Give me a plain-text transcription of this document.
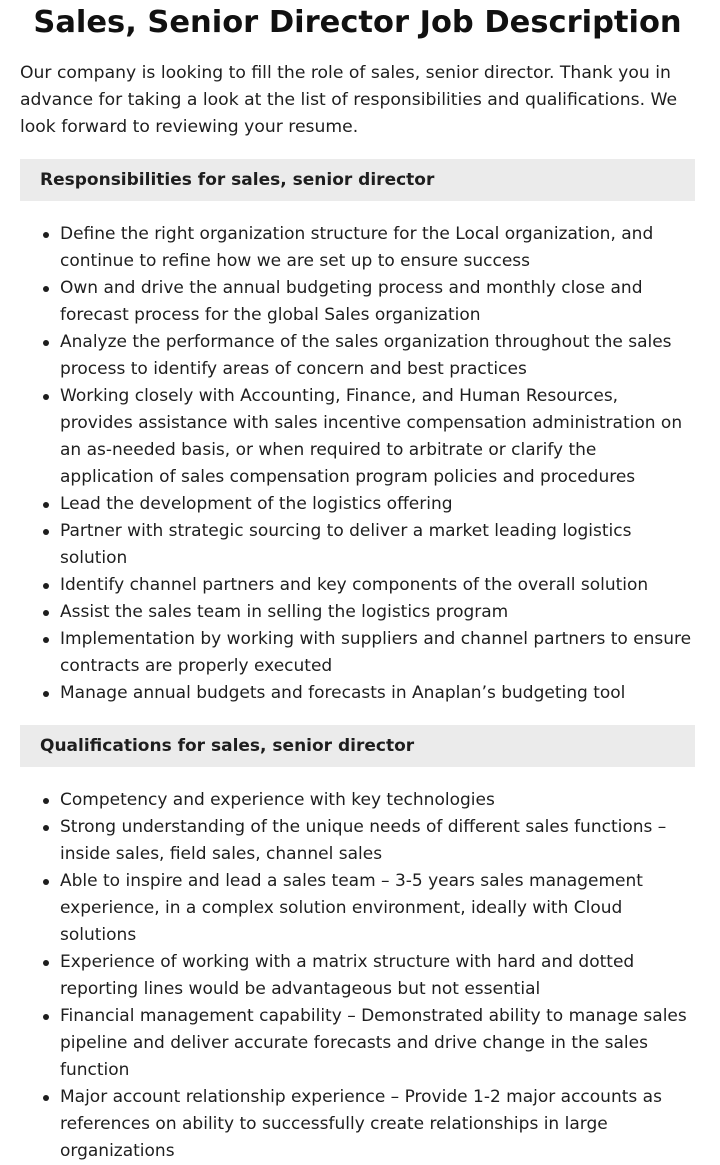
Sales, Senior Director Job Description

Our company is looking to fill the role of sales, senior director. Thank you in advance for taking a look at the list of responsibilities and qualifications. We look forward to reviewing your resume.

Responsibilities for sales, senior director
Define the right organization structure for the Local organization, and continue to refine how we are set up to ensure success
Own and drive the annual budgeting process and monthly close and forecast process for the global Sales organization
Analyze the performance of the sales organization throughout the sales process to identify areas of concern and best practices
Working closely with Accounting, Finance, and Human Resources, provides assistance with sales incentive compensation administration on an as-needed basis, or when required to arbitrate or clarify the application of sales compensation program policies and procedures
Lead the development of the logistics offering
Partner with strategic sourcing to deliver a market leading logistics solution
Identify channel partners and key components of the overall solution
Assist the sales team in selling the logistics program
Implementation by working with suppliers and channel partners to ensure contracts are properly executed
Manage annual budgets and forecasts in Anaplan’s budgeting tool
Qualifications for sales, senior director
Competency and experience with key technologies
Strong understanding of the unique needs of different sales functions – inside sales, field sales, channel sales
Able to inspire and lead a sales team – 3-5 years sales management experience, in a complex solution environment, ideally with Cloud solutions
Experience of working with a matrix structure with hard and dotted reporting lines would be advantageous but not essential
Financial management capability – Demonstrated ability to manage sales pipeline and deliver accurate forecasts and drive change in the sales function
Major account relationship experience – Provide 1-2 major accounts as references on ability to successfully create relationships in large organizations
